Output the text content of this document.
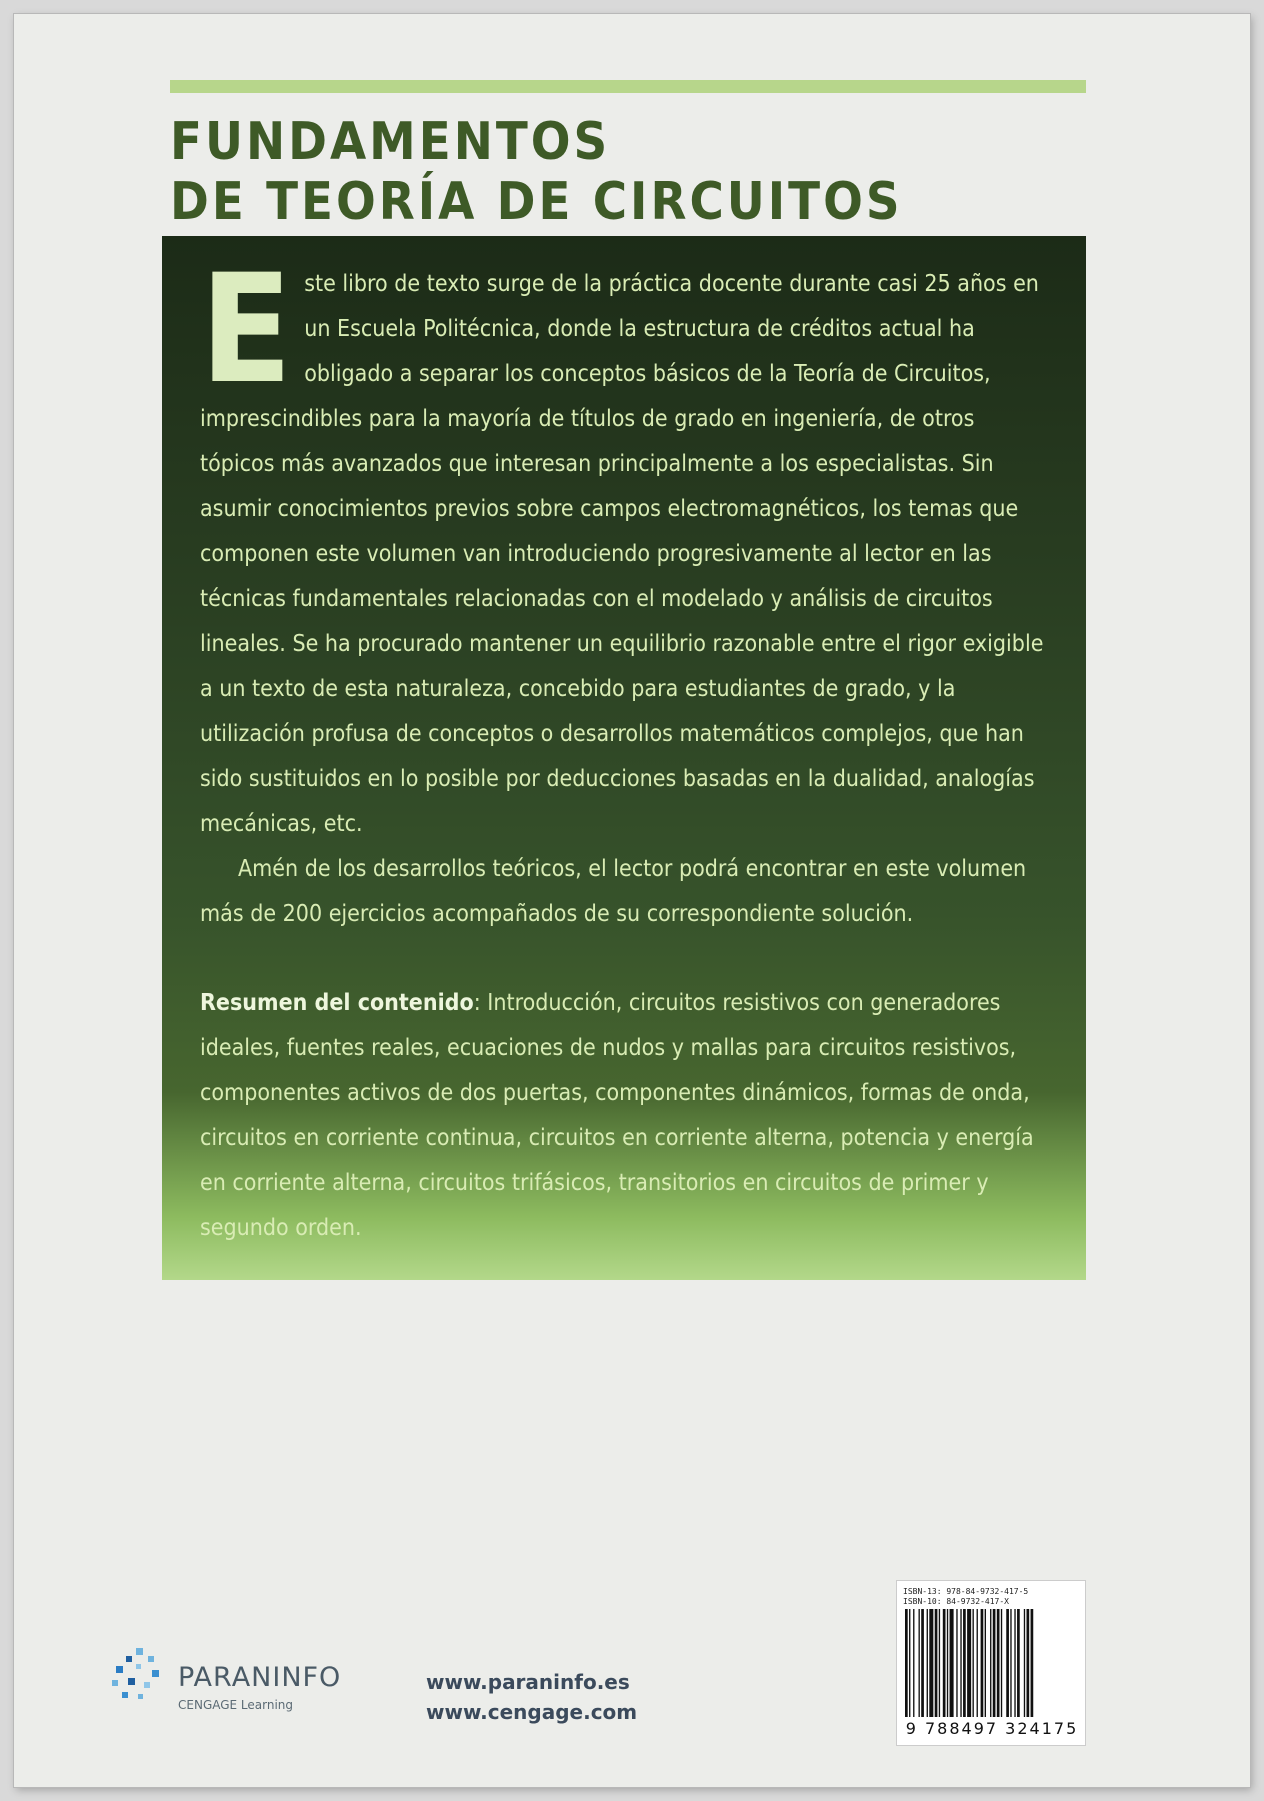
FUNDAMENTOS
DE TEORÍA DE CIRCUITOS

Este libro de texto surge de la práctica docente durante casi 25 años en un Escuela Politécnica, donde la estructura de créditos actual ha obligado a separar los conceptos básicos de la Teoría de Circuitos, imprescindibles para la mayoría de títulos de grado en ingeniería, de otros tópicos más avanzados que interesan principalmente a los especialistas. Sin asumir conocimientos previos sobre campos electromagnéticos, los temas que componen este volumen van introduciendo progresivamente al lector en las técnicas fundamentales relacionadas con el modelado y análisis de circuitos lineales. Se ha procurado mantener un equilibrio razonable entre el rigor exigible a un texto de esta naturaleza, concebido para estudiantes de grado, y la utilización profusa de conceptos o desarrollos matemáticos complejos, que han sido sustituidos en lo posible por deducciones basadas en la dualidad, analogías mecánicas, etc.

Amén de los desarrollos teóricos, el lector podrá encontrar en este volumen más de 200 ejercicios acompañados de su correspondiente solución.

Resumen del contenido: Introducción, circuitos resistivos con generadores ideales, fuentes reales, ecuaciones de nudos y mallas para circuitos resistivos, componentes activos de dos puertas, componentes dinámicos, formas de onda, circuitos en corriente continua, circuitos en corriente alterna, potencia y energía en corriente alterna, circuitos trifásicos, transitorios en circuitos de primer y segundo orden.

PARANINFO
CENGAGE Learning
www.paraninfo.es
www.cengage.com
ISBN-13: 978-84-9732-417-5
ISBN-10: 84-9732-417-X
9 788497 324175
